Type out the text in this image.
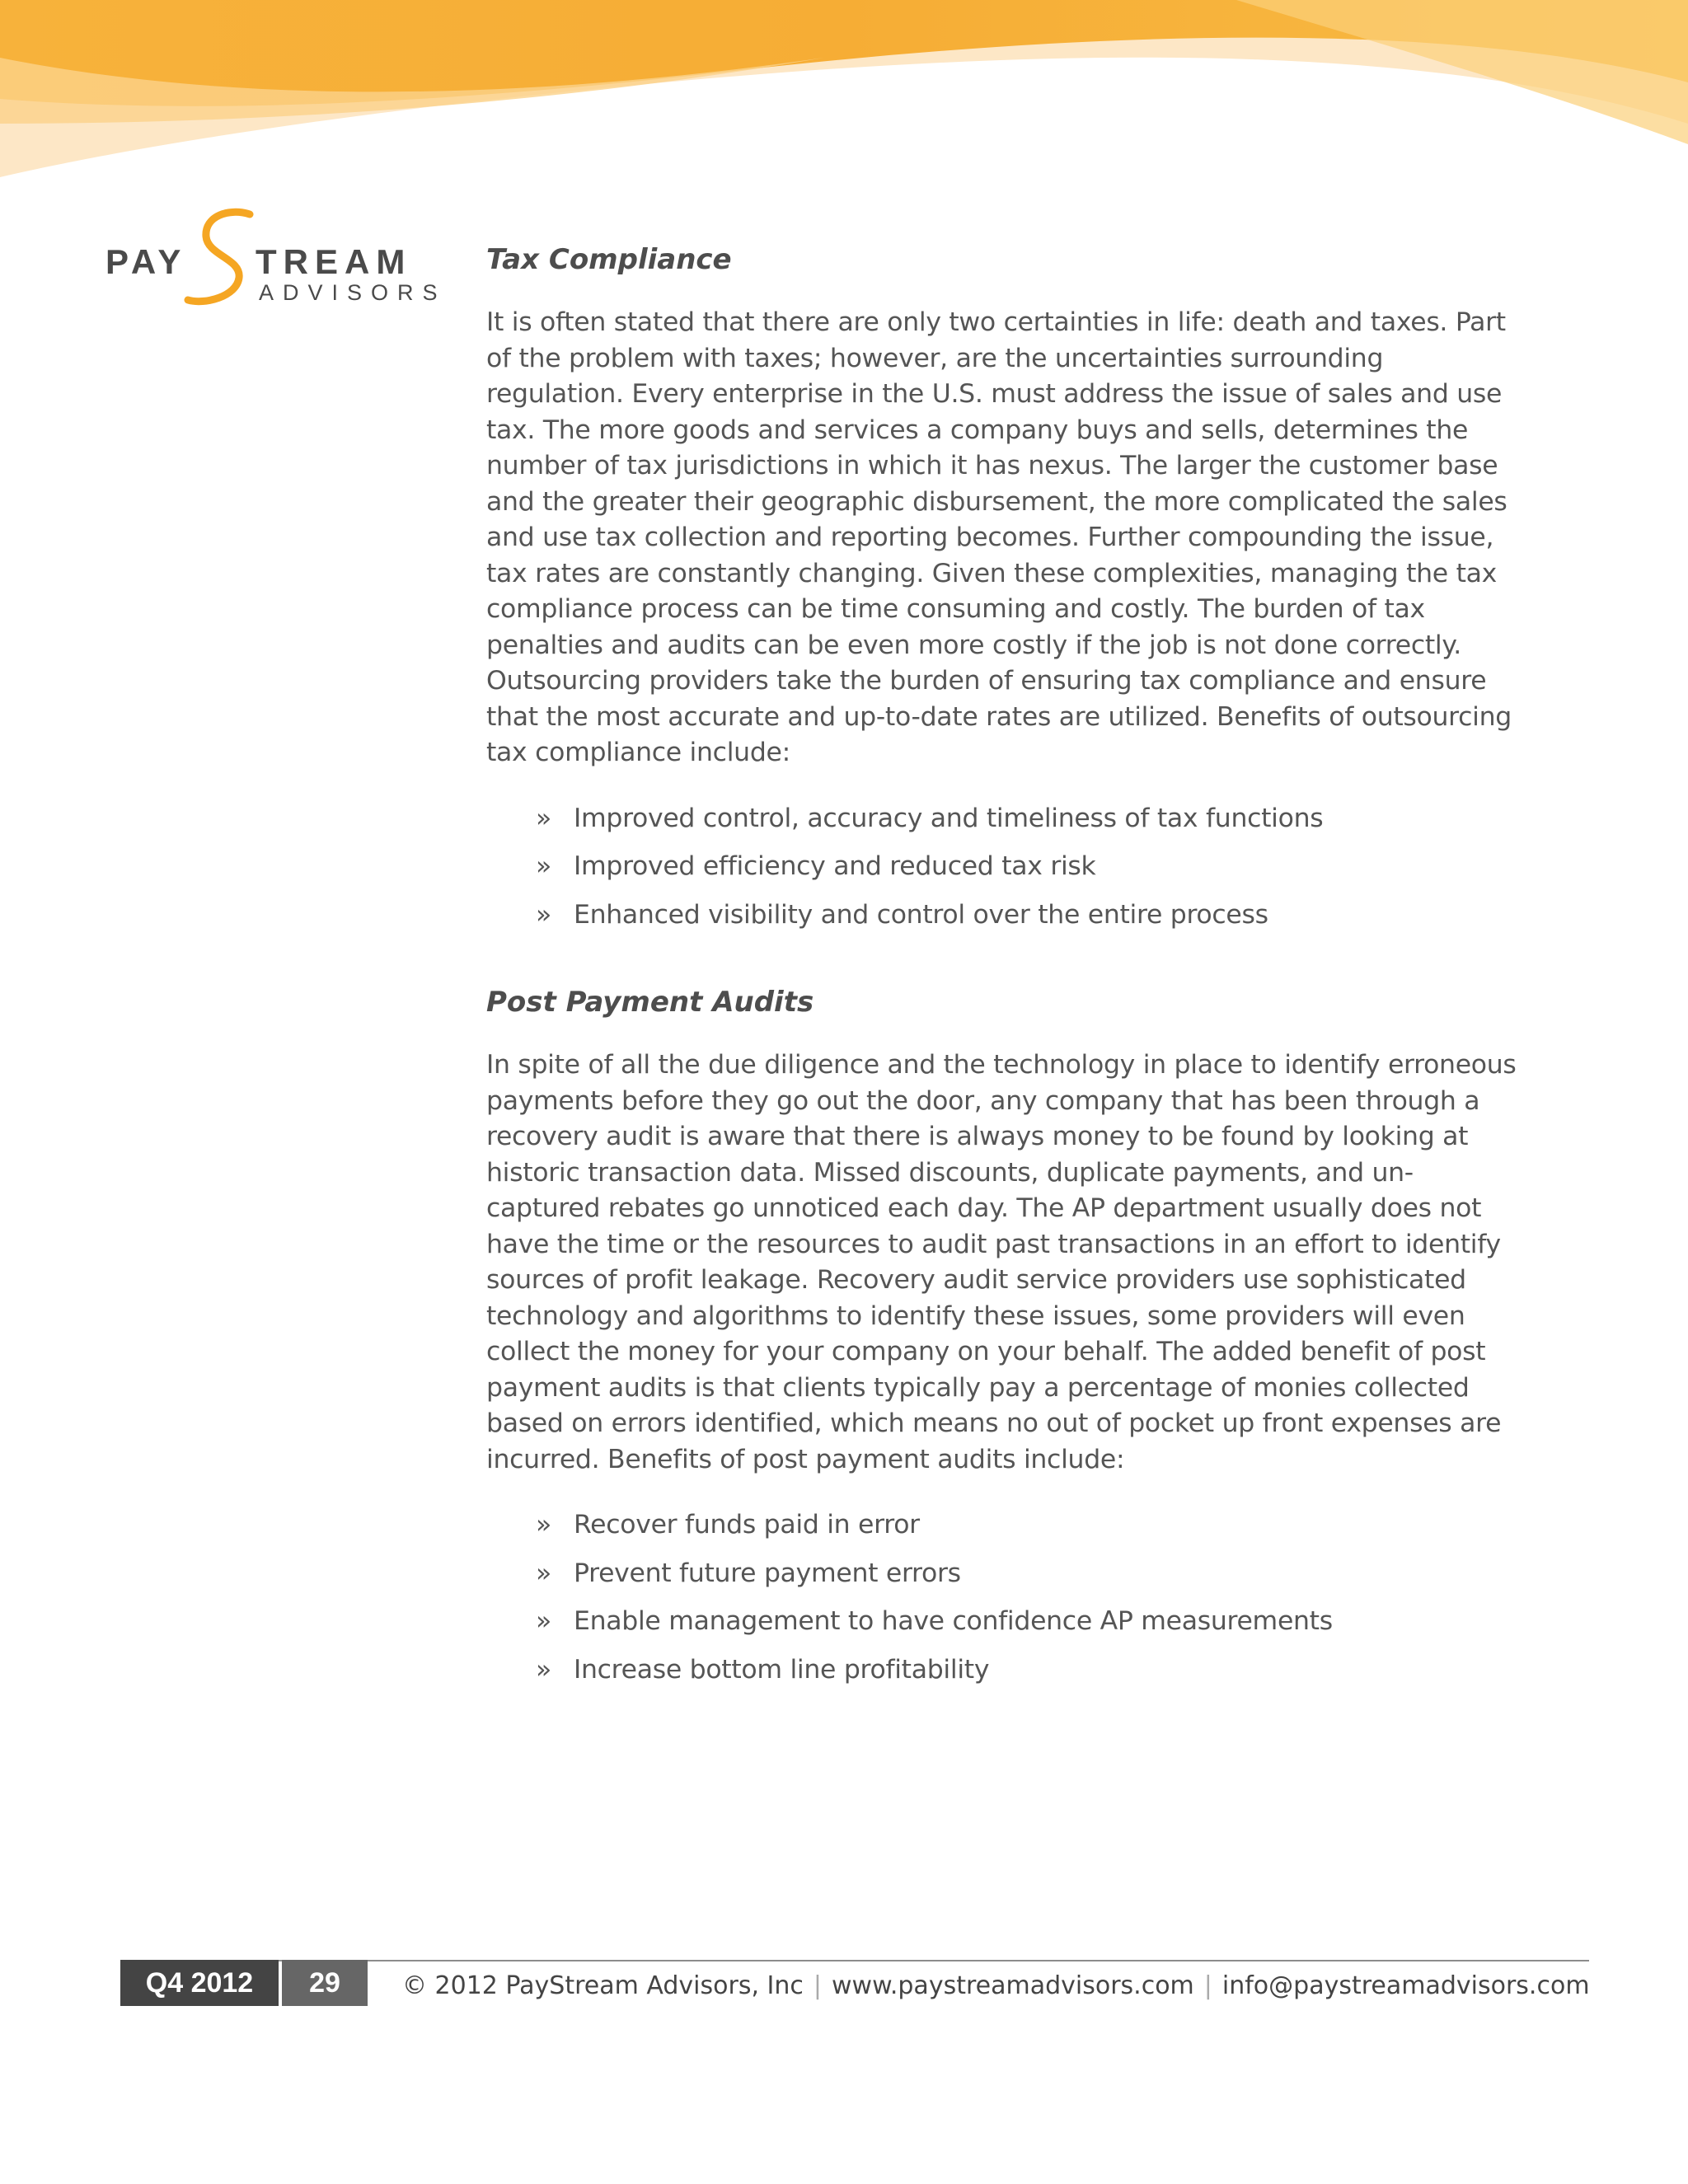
PAY TREAM
ADVISORS
Tax Compliance

It is often stated that there are only two certainties in life: death and taxes. Part of the problem with taxes; however, are the uncertainties surrounding regulation. Every enterprise in the U.S. must address the issue of sales and use tax. The more goods and services a company buys and sells, determines the number of tax jurisdictions in which it has nexus. The larger the customer base and the greater their geographic disbursement, the more complicated the sales and use tax collection and reporting becomes. Further compounding the issue, tax rates are constantly changing. Given these complexities, managing the tax compliance process can be time consuming and costly. The burden of tax penalties and audits can be even more costly if the job is not done correctly. Outsourcing providers take the burden of ensuring tax compliance and ensure that the most accurate and up-to-date rates are utilized. Benefits of outsourcing tax compliance include:

» Improved control, accuracy and timeliness of tax functions
» Improved efficiency and reduced tax risk
» Enhanced visibility and control over the entire process
Post Payment Audits

In spite of all the due diligence and the technology in place to identify erroneous payments before they go out the door, any company that has been through a recovery audit is aware that there is always money to be found by looking at historic transaction data. Missed discounts, duplicate payments, and un-captured rebates go unnoticed each day. The AP department usually does not have the time or the resources to audit past transactions in an effort to identify sources of profit leakage. Recovery audit service providers use sophisticated technology and algorithms to identify these issues, some providers will even collect the money for your company on your behalf. The added benefit of post payment audits is that clients typically pay a percentage of monies collected based on errors identified, which means no out of pocket up front expenses are incurred. Benefits of post payment audits include:

» Recover funds paid in error
» Prevent future payment errors
» Enable management to have confidence AP measurements
» Increase bottom line profitability
Q4 2012	29	© 2012 PayStream Advisors, Inc | www.paystreamadvisors.com | info@paystreamadvisors.com
